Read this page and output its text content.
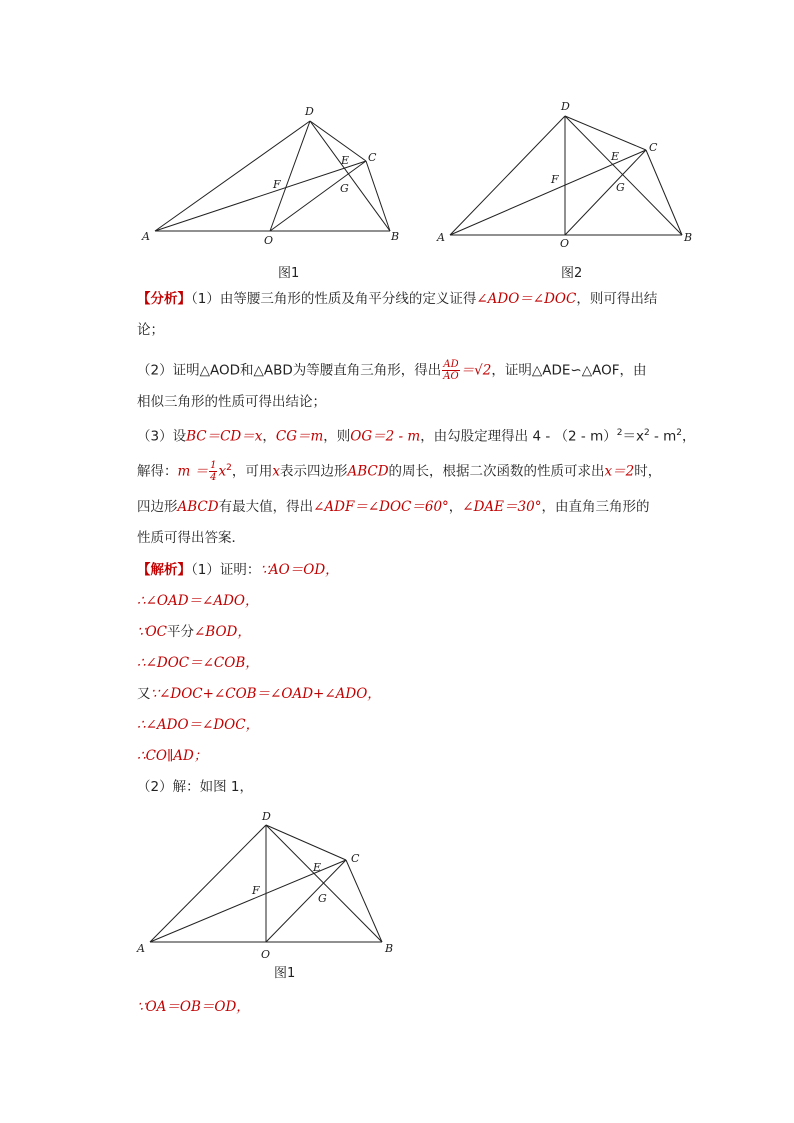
D
C
E
F	G
A	O	B
图1
D
C
E
F
G
A	O	B
图2
【分析】（1）由等腰三角形的性质及角平分线的定义证得∠ADO＝∠DOC，则可得出结
论；
（2）证明△AOD和△ABD为等腰直角三角形，得出 $\frac{AD}{AO} =√2$，证明△ADE∽△AOF，由
相似三角形的性质可得出结论；
（3）设BC＝CD＝x，CG＝m，则OG＝2 - m，由勾股定理得出 $4 - (2 - m)^2=x^2 - m^2$，
解得：$m = \frac{1}{4} x^2$，可用x表示四边形ABCD的周长，根据二次函数的性质可求出x＝2时，
四边形ABCD有最大值，得出∠ADF＝∠DOC＝60°，∠DAE＝30°，由直角三角形的
性质可得出答案．
【解析】（1）证明：∵AO＝OD，
∴∠OAD＝∠ADO，
∵OC平分∠BOD，
∴∠DOC＝∠COB，
又∵∠DOC+∠COB＝∠OAD+∠ADO，
∴∠ADO＝∠DOC，
∴CO∥AD；
（2）解：如图 1，
D
C
E
F
G
A	O	B
图1
∵OA＝OB＝OD，
